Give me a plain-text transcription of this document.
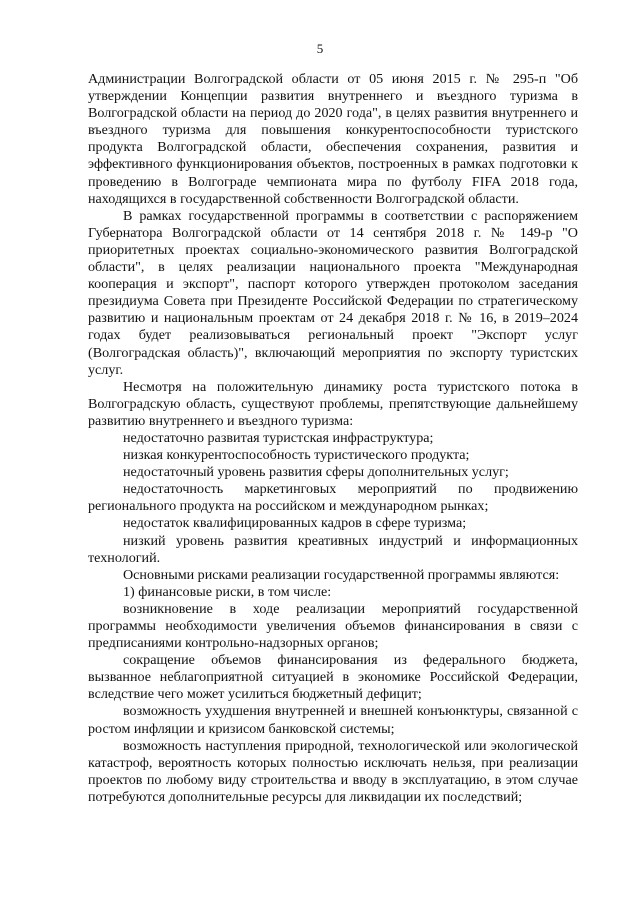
5

Администрации Волгоградской области от 05 июня 2015 г. № 295-п "Об утверждении Концепции развития внутреннего и въездного туризма в Волгоградской области на период до 2020 года", в целях развития внутреннего и въездного туризма для повышения конкурентоспособности туристского продукта Волгоградской области, обеспечения сохранения, развития и эффективного функционирования объектов, построенных в рамках подготовки к проведению в Волгограде чемпионата мира по футболу FIFA 2018 года, находящихся в государственной собственности Волгоградской области.

В рамках государственной программы в соответствии с распоряжением Губернатора Волгоградской области от 14 сентября 2018 г. № 149-р "О приоритетных проектах социально-экономического развития Волгоградской области", в целях реализации национального проекта "Международная кооперация и экспорт", паспорт которого утвержден протоколом заседания президиума Совета при Президенте Российской Федерации по стратегическому развитию и национальным проектам от 24 декабря 2018 г. № 16, в 2019–2024 годах будет реализовываться региональный проект "Экспорт услуг (Волгоградская область)", включающий мероприятия по экспорту туристских услуг.

Несмотря на положительную динамику роста туристского потока в Волгоградскую область, существуют проблемы, препятствующие дальнейшему развитию внутреннего и въездного туризма:

недостаточно развитая туристская инфраструктура;

низкая конкурентоспособность туристического продукта;

недостаточный уровень развития сферы дополнительных услуг;

недостаточность маркетинговых мероприятий по продвижению регионального продукта на российском и международном рынках;

недостаток квалифицированных кадров в сфере туризма;

низкий уровень развития креативных индустрий и информационных технологий.

Основными рисками реализации государственной программы являются:

1) финансовые риски, в том числе:

возникновение в ходе реализации мероприятий государственной программы необходимости увеличения объемов финансирования в связи с предписаниями контрольно-надзорных органов;

сокращение объемов финансирования из федерального бюджета, вызванное неблагоприятной ситуацией в экономике Российской Федерации, вследствие чего может усилиться бюджетный дефицит;

возможность ухудшения внутренней и внешней конъюнктуры, связанной с ростом инфляции и кризисом банковской системы;

возможность наступления природной, технологической или экологической катастроф, вероятность которых полностью исключать нельзя, при реализации проектов по любому виду строительства и вводу в эксплуатацию, в этом случае потребуются дополнительные ресурсы для ликвидации их последствий;
